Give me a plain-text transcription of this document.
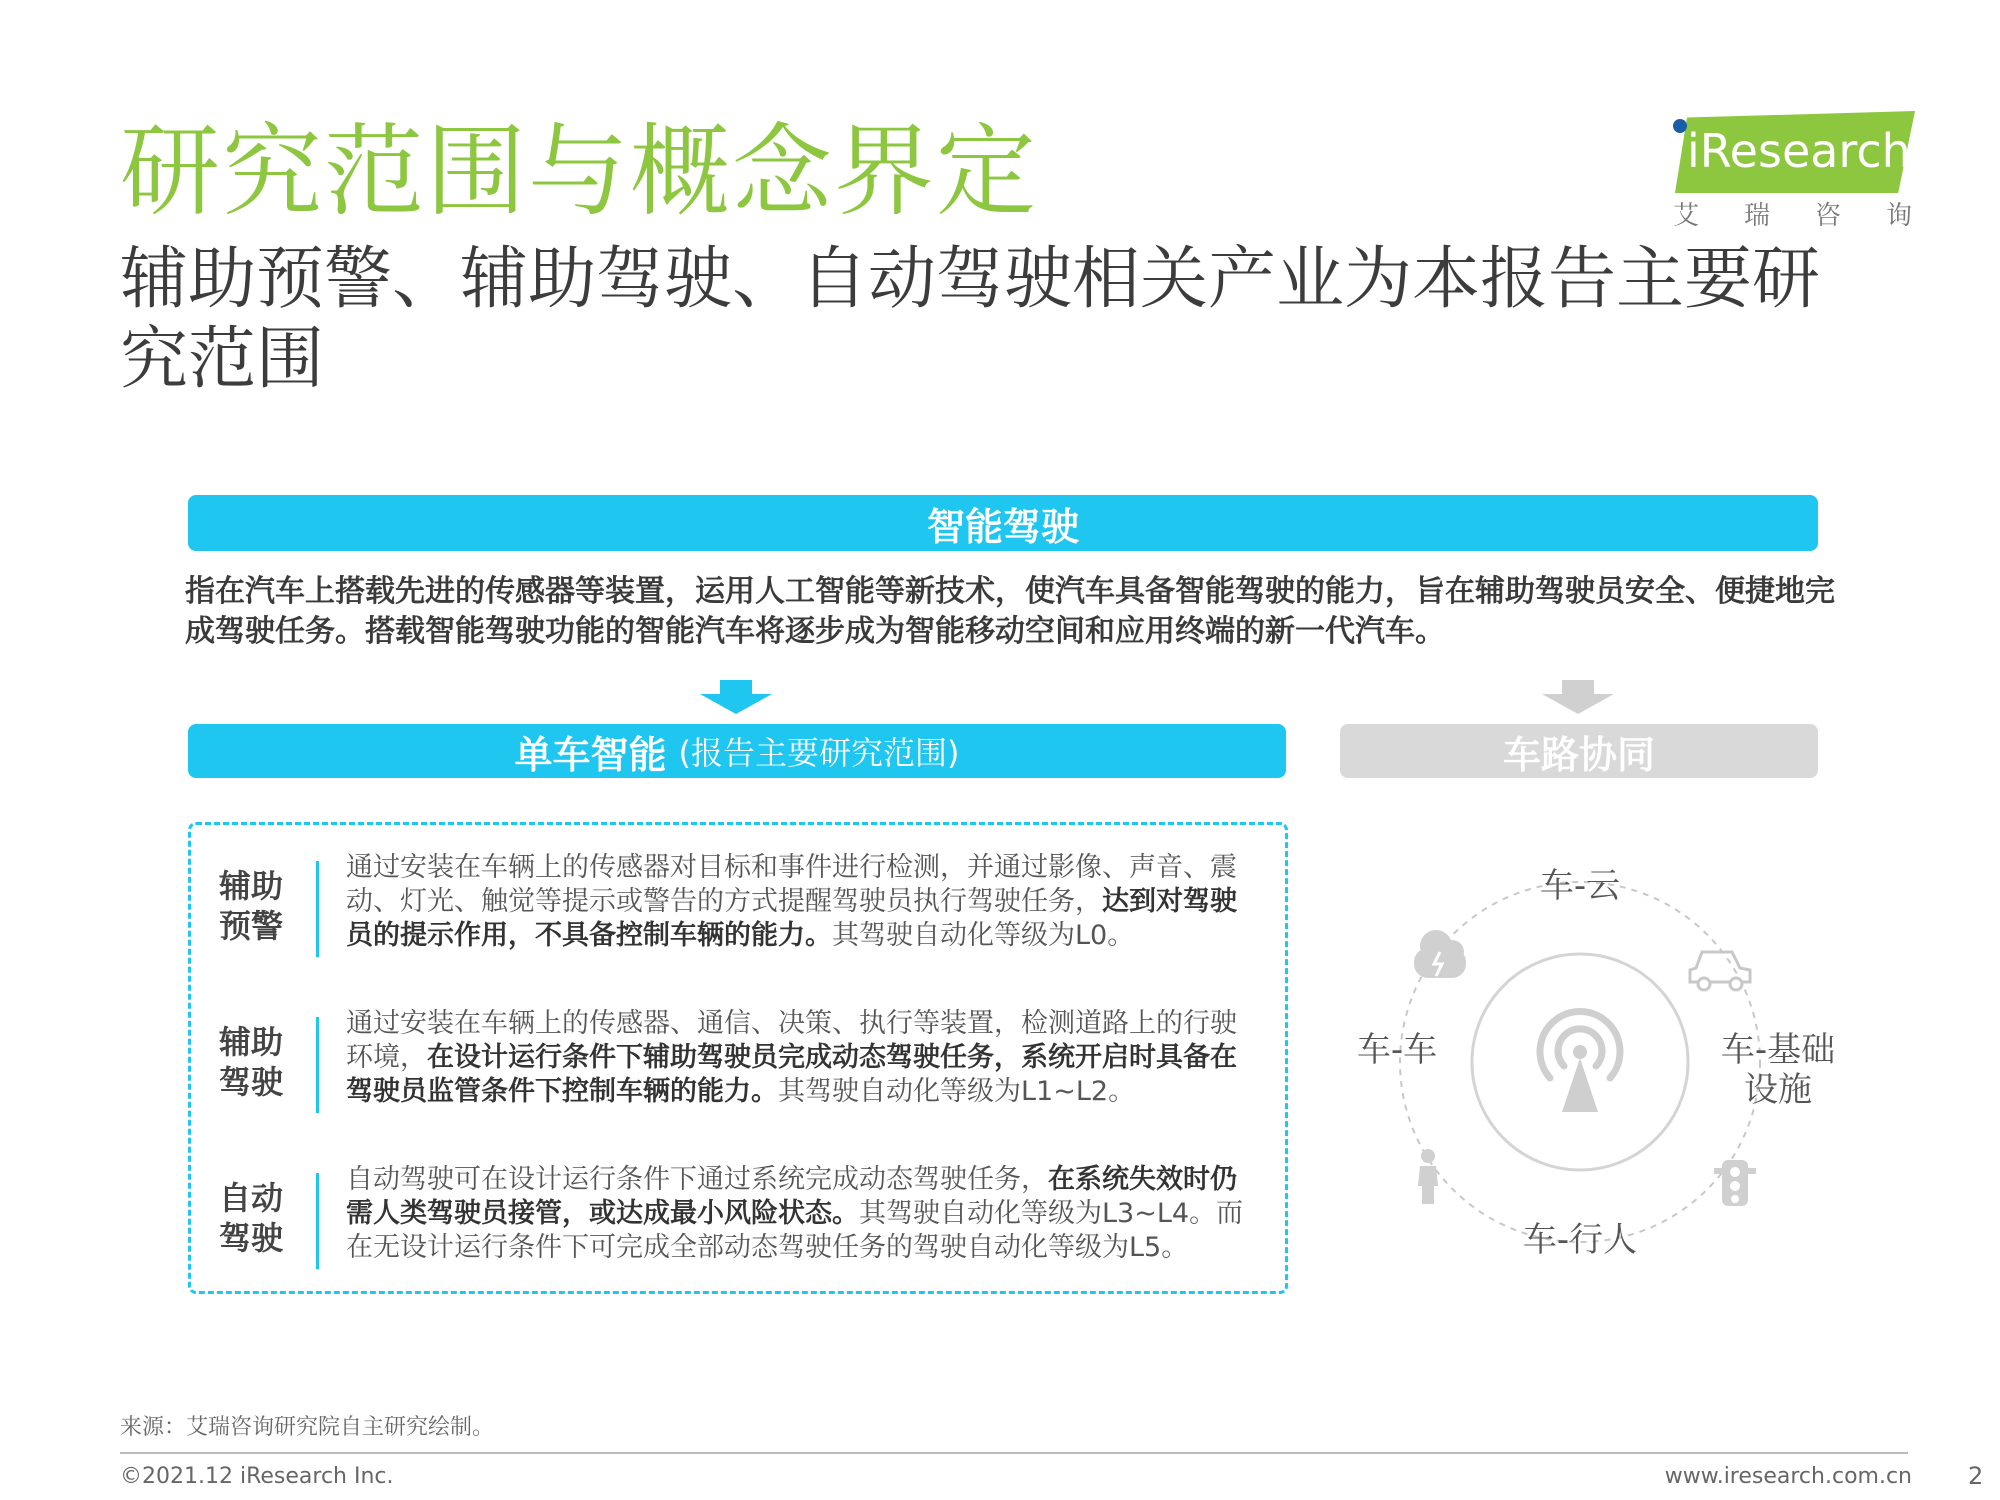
研究范围与概念界定
辅助预警、辅助驾驶、自动驾驶相关产业为本报告主要研究范围
iResearch
艾瑞咨询
智能驾驶

指在汽车上搭载先进的传感器等装置，运用人工智能等新技术，使汽车具备智能驾驶的能力，旨在辅助驾驶员安全、便捷地完成驾驶任务。搭载智能驾驶功能的智能汽车将逐步成为智能移动空间和应用终端的新一代汽车。

单车智能 (报告主要研究范围)	车路协同
辅助预警
通过安装在车辆上的传感器对目标和事件进行检测，并通过影像、声音、震动、灯光、触觉等提示或警告的方式提醒驾驶员执行驾驶任务，达到对驾驶员的提示作用，不具备控制车辆的能力。其驾驶自动化等级为L0。
辅助驾驶
通过安装在车辆上的传感器、通信、决策、执行等装置，检测道路上的行驶环境，在设计运行条件下辅助驾驶员完成动态驾驶任务，系统开启时具备在驾驶员监管条件下控制车辆的能力。其驾驶自动化等级为L1~L2。
自动驾驶
自动驾驶可在设计运行条件下通过系统完成动态驾驶任务，在系统失效时仍需人类驾驶员接管，或达成最小风险状态。其驾驶自动化等级为L3~L4。而在无设计运行条件下可完成全部动态驾驶任务的驾驶自动化等级为L5。
车-云
车-车	车-基础设施
车-行人
来源：艾瑞咨询研究院自主研究绘制。
©2021.12 iResearch Inc.	www.iresearch.com.cn 2
